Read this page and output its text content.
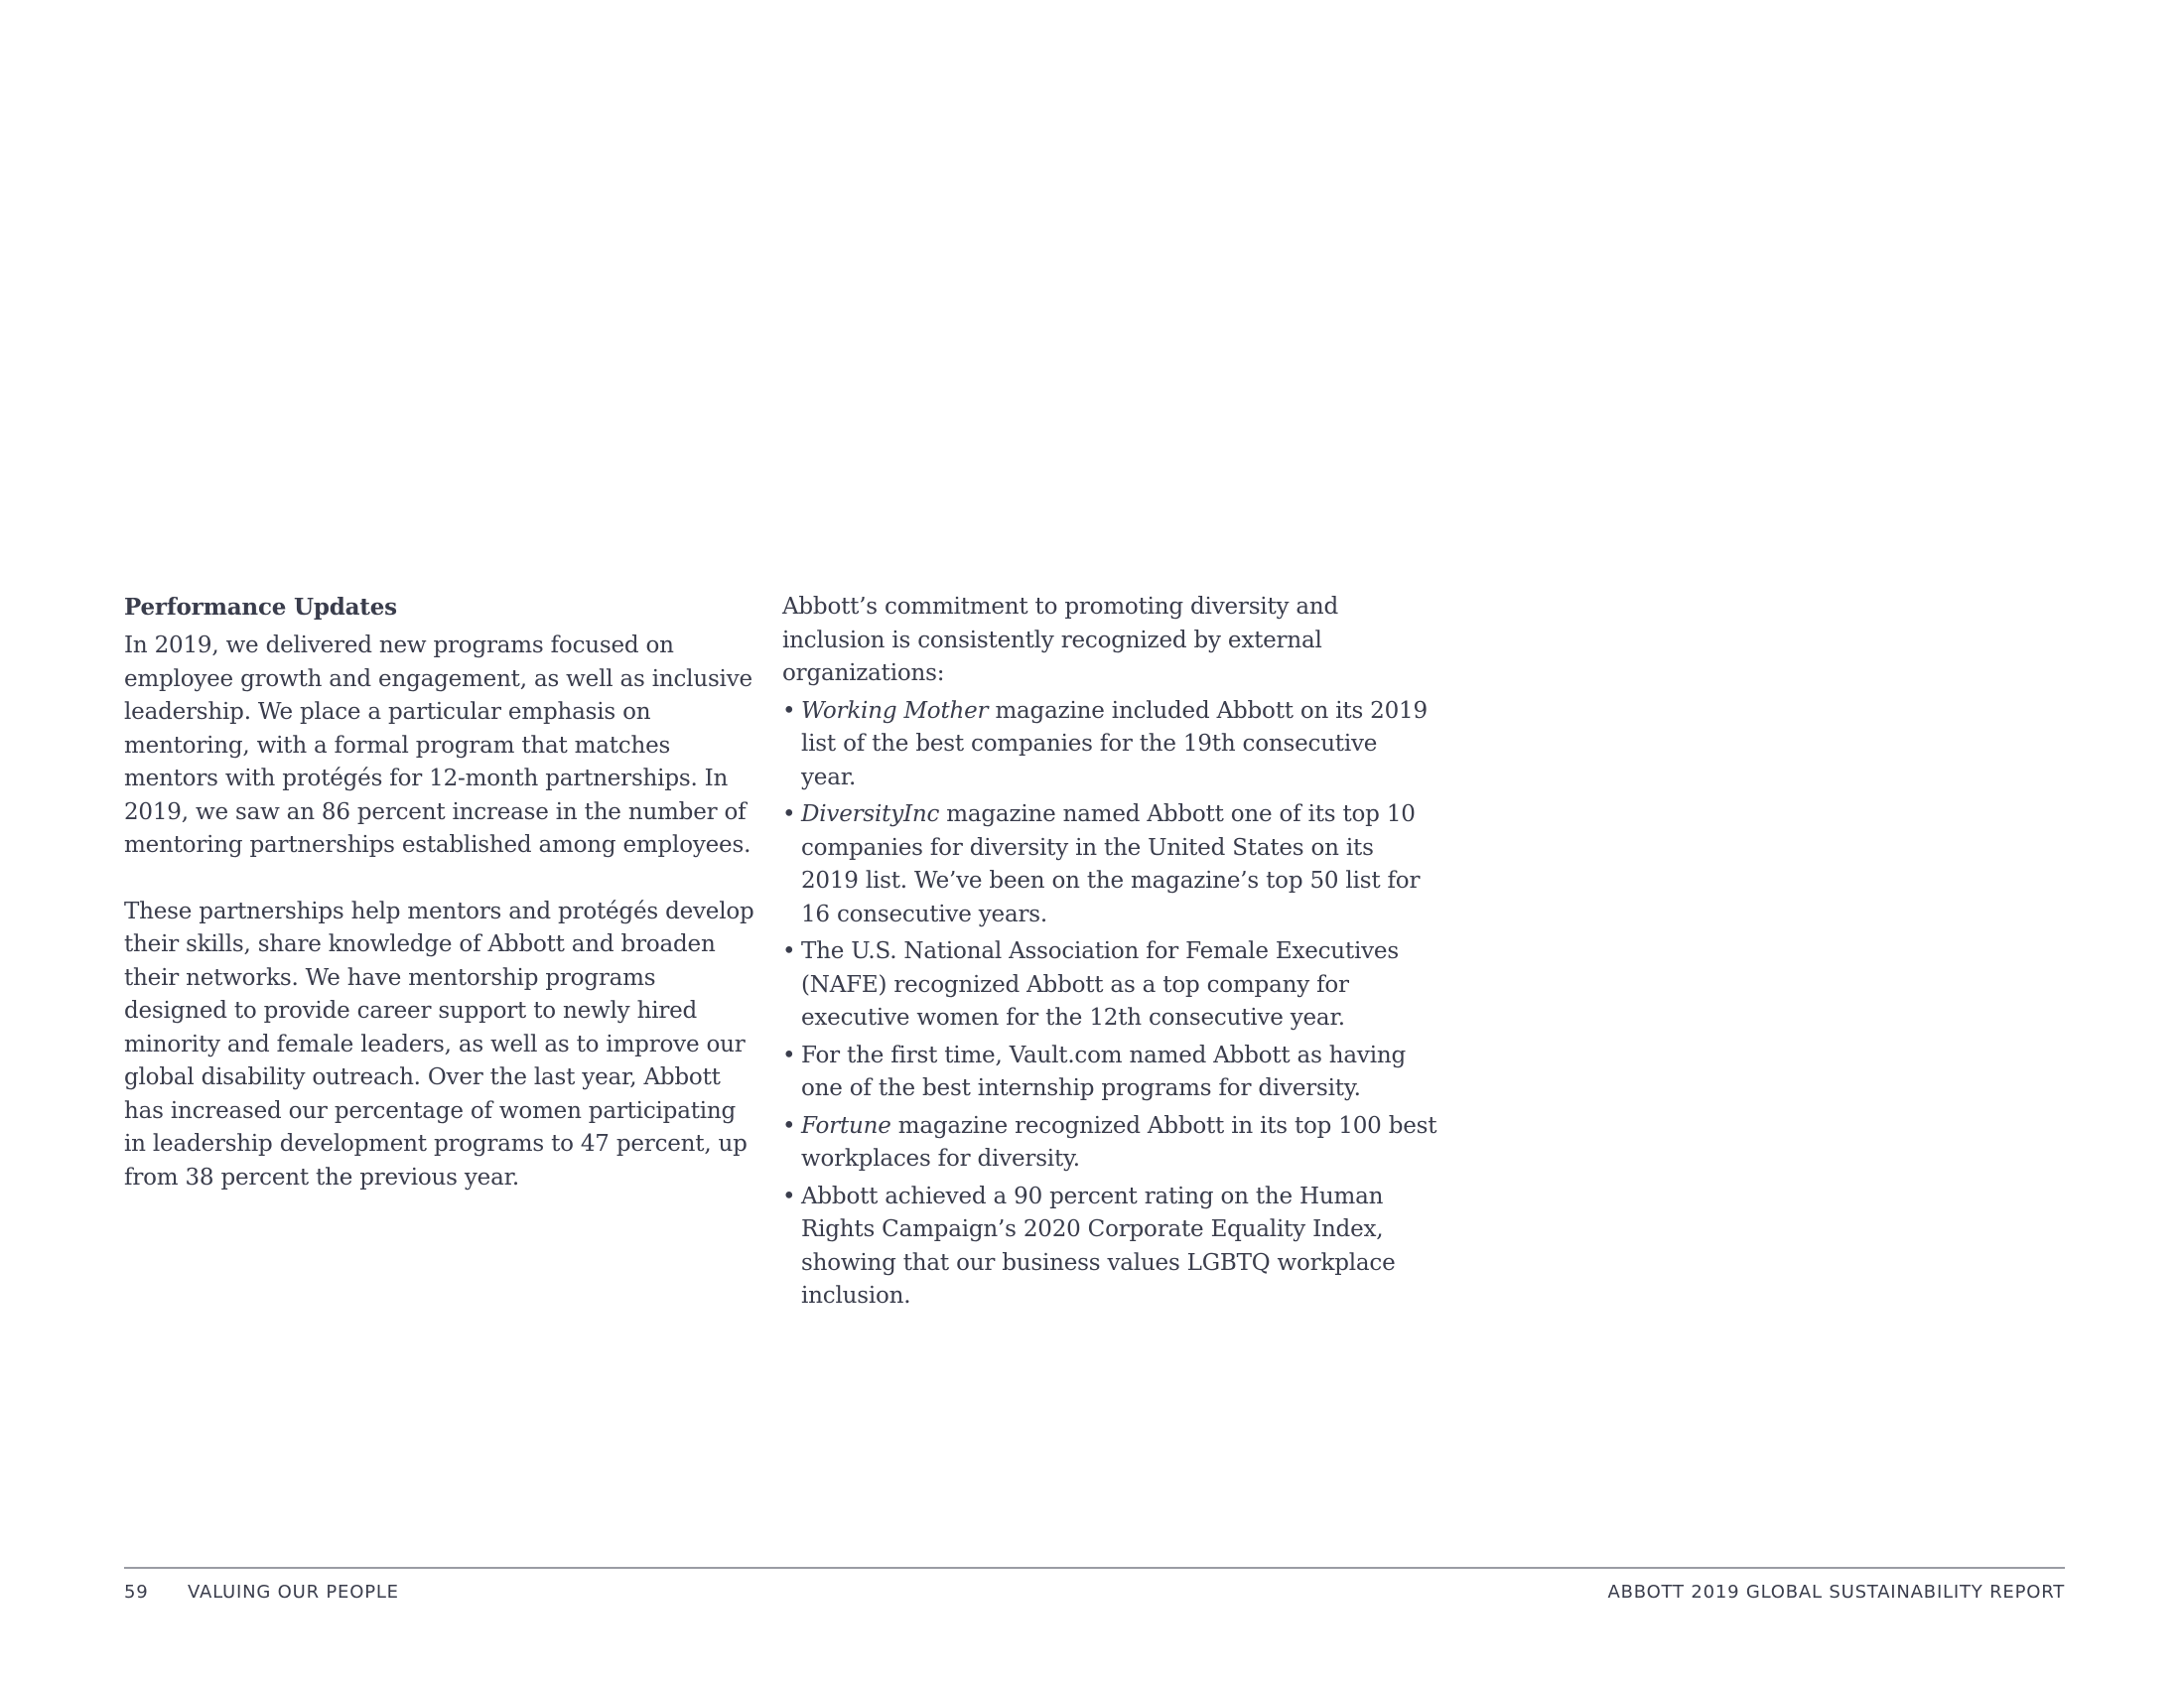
Performance Updates

In 2019, we delivered new programs focused on employee growth and engagement, as well as inclusive leadership. We place a particular emphasis on mentoring, with a formal program that matches mentors with protégés for 12-month partnerships. In 2019, we saw an 86 percent increase in the number of mentoring partnerships established among employees.

These partnerships help mentors and protégés develop their skills, share knowledge of Abbott and broaden their networks. We have mentorship programs designed to provide career support to newly hired minority and female leaders, as well as to improve our global disability outreach. Over the last year, Abbott has increased our percentage of women participating in leadership development programs to 47 percent, up from 38 percent the previous year.

Abbott’s commitment to promoting diversity and inclusion is consistently recognized by external organizations:

• Working Mother magazine included Abbott on its 2019 list of the best companies for the 19th consecutive year.
• DiversityInc magazine named Abbott one of its top 10 companies for diversity in the United States on its 2019 list. We’ve been on the magazine’s top 50 list for 16 consecutive years.
• The U.S. National Association for Female Executives (NAFE) recognized Abbott as a top company for executive women for the 12th consecutive year.
• For the first time, Vault.com named Abbott as having one of the best internship programs for diversity.
• Fortune magazine recognized Abbott in its top 100 best workplaces for diversity.
• Abbott achieved a 90 percent rating on the Human Rights Campaign’s 2020 Corporate Equality Index, showing that our business values LGBTQ workplace inclusion.
59 VALUING OUR PEOPLE	ABBOTT 2019 GLOBAL SUSTAINABILITY REPORT
